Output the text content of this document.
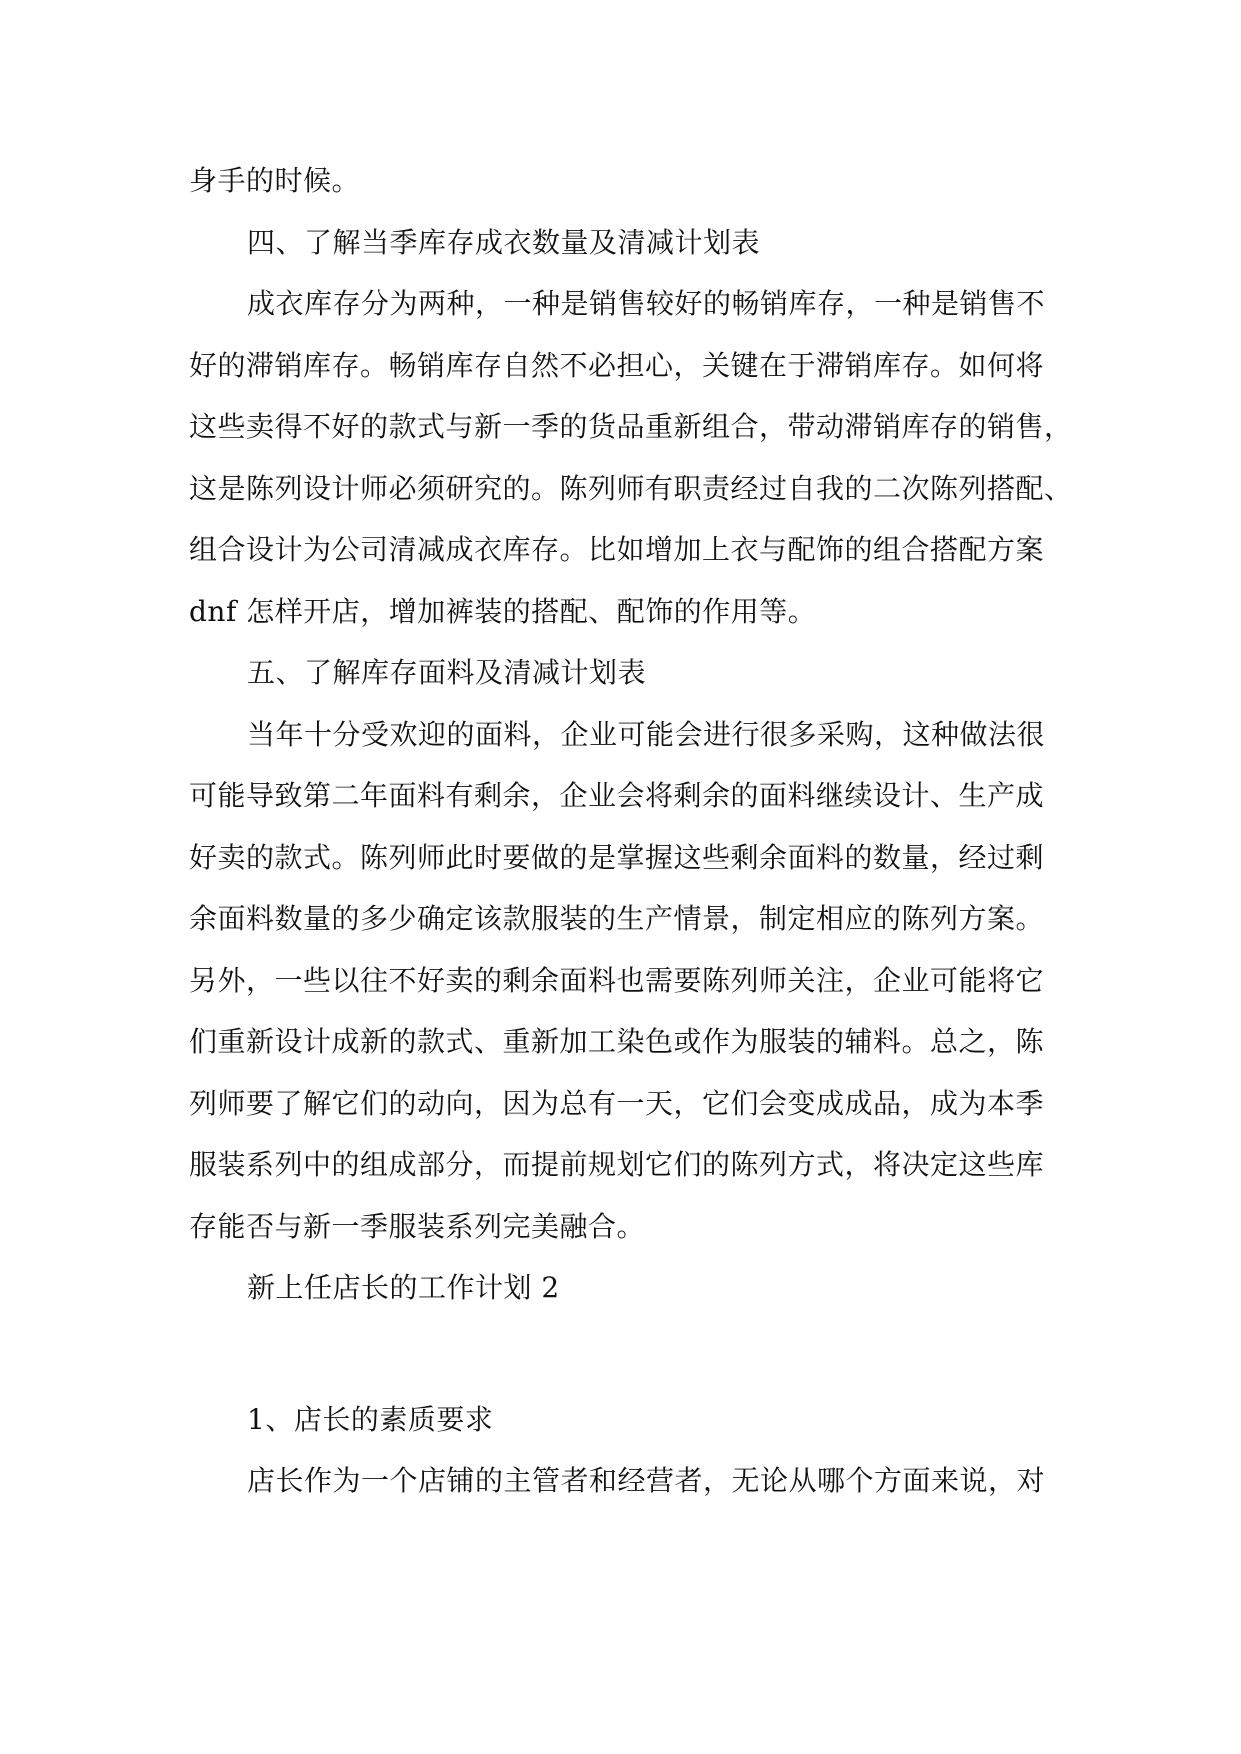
身手的时候。
四、了解当季库存成衣数量及清减计划表
成衣库存分为两种，一种是销售较好的畅销库存，一种是销售不
好的滞销库存。畅销库存自然不必担心，关键在于滞销库存。如何将
这些卖得不好的款式与新一季的货品重新组合，带动滞销库存的销售，
这是陈列设计师必须研究的。陈列师有职责经过自我的二次陈列搭配、
组合设计为公司清减成衣库存。比如增加上衣与配饰的组合搭配方案
dnf 怎样开店，增加裤装的搭配、配饰的作用等。
五、了解库存面料及清减计划表
当年十分受欢迎的面料，企业可能会进行很多采购，这种做法很
可能导致第二年面料有剩余，企业会将剩余的面料继续设计、生产成
好卖的款式。陈列师此时要做的是掌握这些剩余面料的数量，经过剩
余面料数量的多少确定该款服装的生产情景，制定相应的陈列方案。
另外，一些以往不好卖的剩余面料也需要陈列师关注，企业可能将它
们重新设计成新的款式、重新加工染色或作为服装的辅料。总之，陈
列师要了解它们的动向，因为总有一天，它们会变成成品，成为本季
服装系列中的组成部分，而提前规划它们的陈列方式，将决定这些库
存能否与新一季服装系列完美融合。
新上任店长的工作计划 2
1、店长的素质要求
店长作为一个店铺的主管者和经营者，无论从哪个方面来说，对
